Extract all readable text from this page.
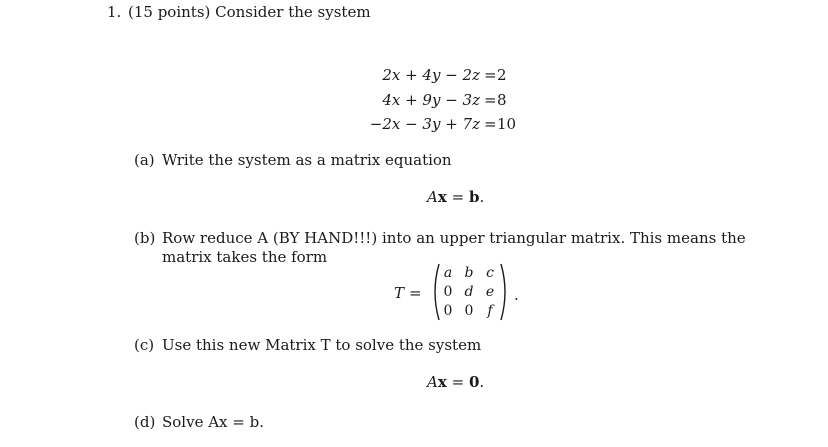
1. (15 points) Consider the system
2x + 4y − 2z = 2
4x + 9y − 3z = 8
−2x − 3y + 7z = 10
(a) Write the system as a matrix equation
Ax = b.
(b) Row reduce A (BY HAND!!!) into an upper triangular matrix. This means the
matrix takes the form
T =
a b c
0 d e
0 0 f
.
(c) Use this new Matrix T to solve the system
Ax = 0.
(d) Solve Ax = b.
